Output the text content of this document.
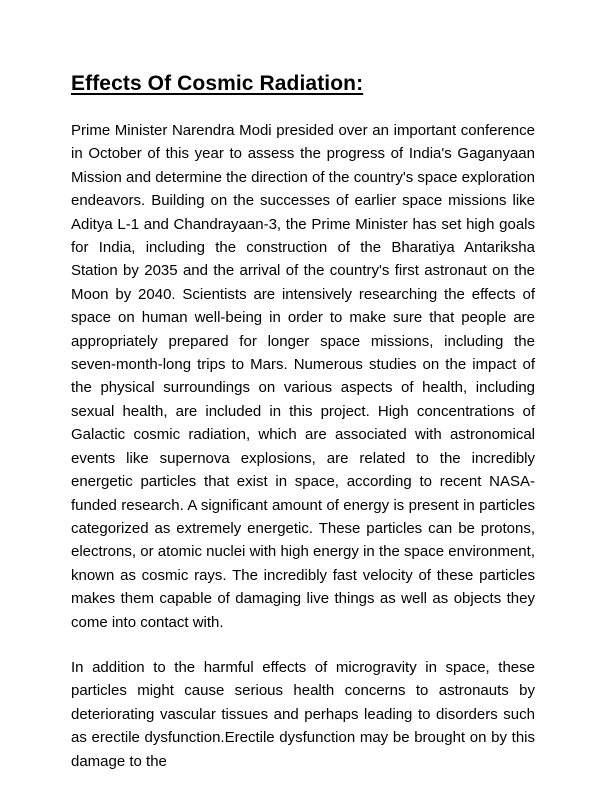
Effects Of Cosmic Radiation:

Prime Minister Narendra Modi presided over an important conference in October of this year to assess the progress of India's Gaganyaan Mission and determine the direction of the country's space exploration endeavors. Building on the successes of earlier space missions like Aditya L-1 and Chandrayaan-3, the Prime Minister has set high goals for India, including the construction of the Bharatiya Antariksha Station by 2035 and the arrival of the country's first astronaut on the Moon by 2040. Scientists are intensively researching the effects of space on human well-being in order to make sure that people are appropriately prepared for longer space missions, including the seven-month-long trips to Mars. Numerous studies on the impact of the physical surroundings on various aspects of health, including sexual health, are included in this project. High concentrations of Galactic cosmic radiation, which are associated with astronomical events like supernova explosions, are related to the incredibly energetic particles that exist in space, according to recent NASA-funded research. A significant amount of energy is present in particles categorized as extremely energetic. These particles can be protons, electrons, or atomic nuclei with high energy in the space environment, known as cosmic rays. The incredibly fast velocity of these particles makes them capable of damaging live things as well as objects they come into contact with.

In addition to the harmful effects of microgravity in space, these particles might cause serious health concerns to astronauts by deteriorating vascular tissues and perhaps leading to disorders such as erectile dysfunction.Erectile dysfunction may be brought on by this damage to the
